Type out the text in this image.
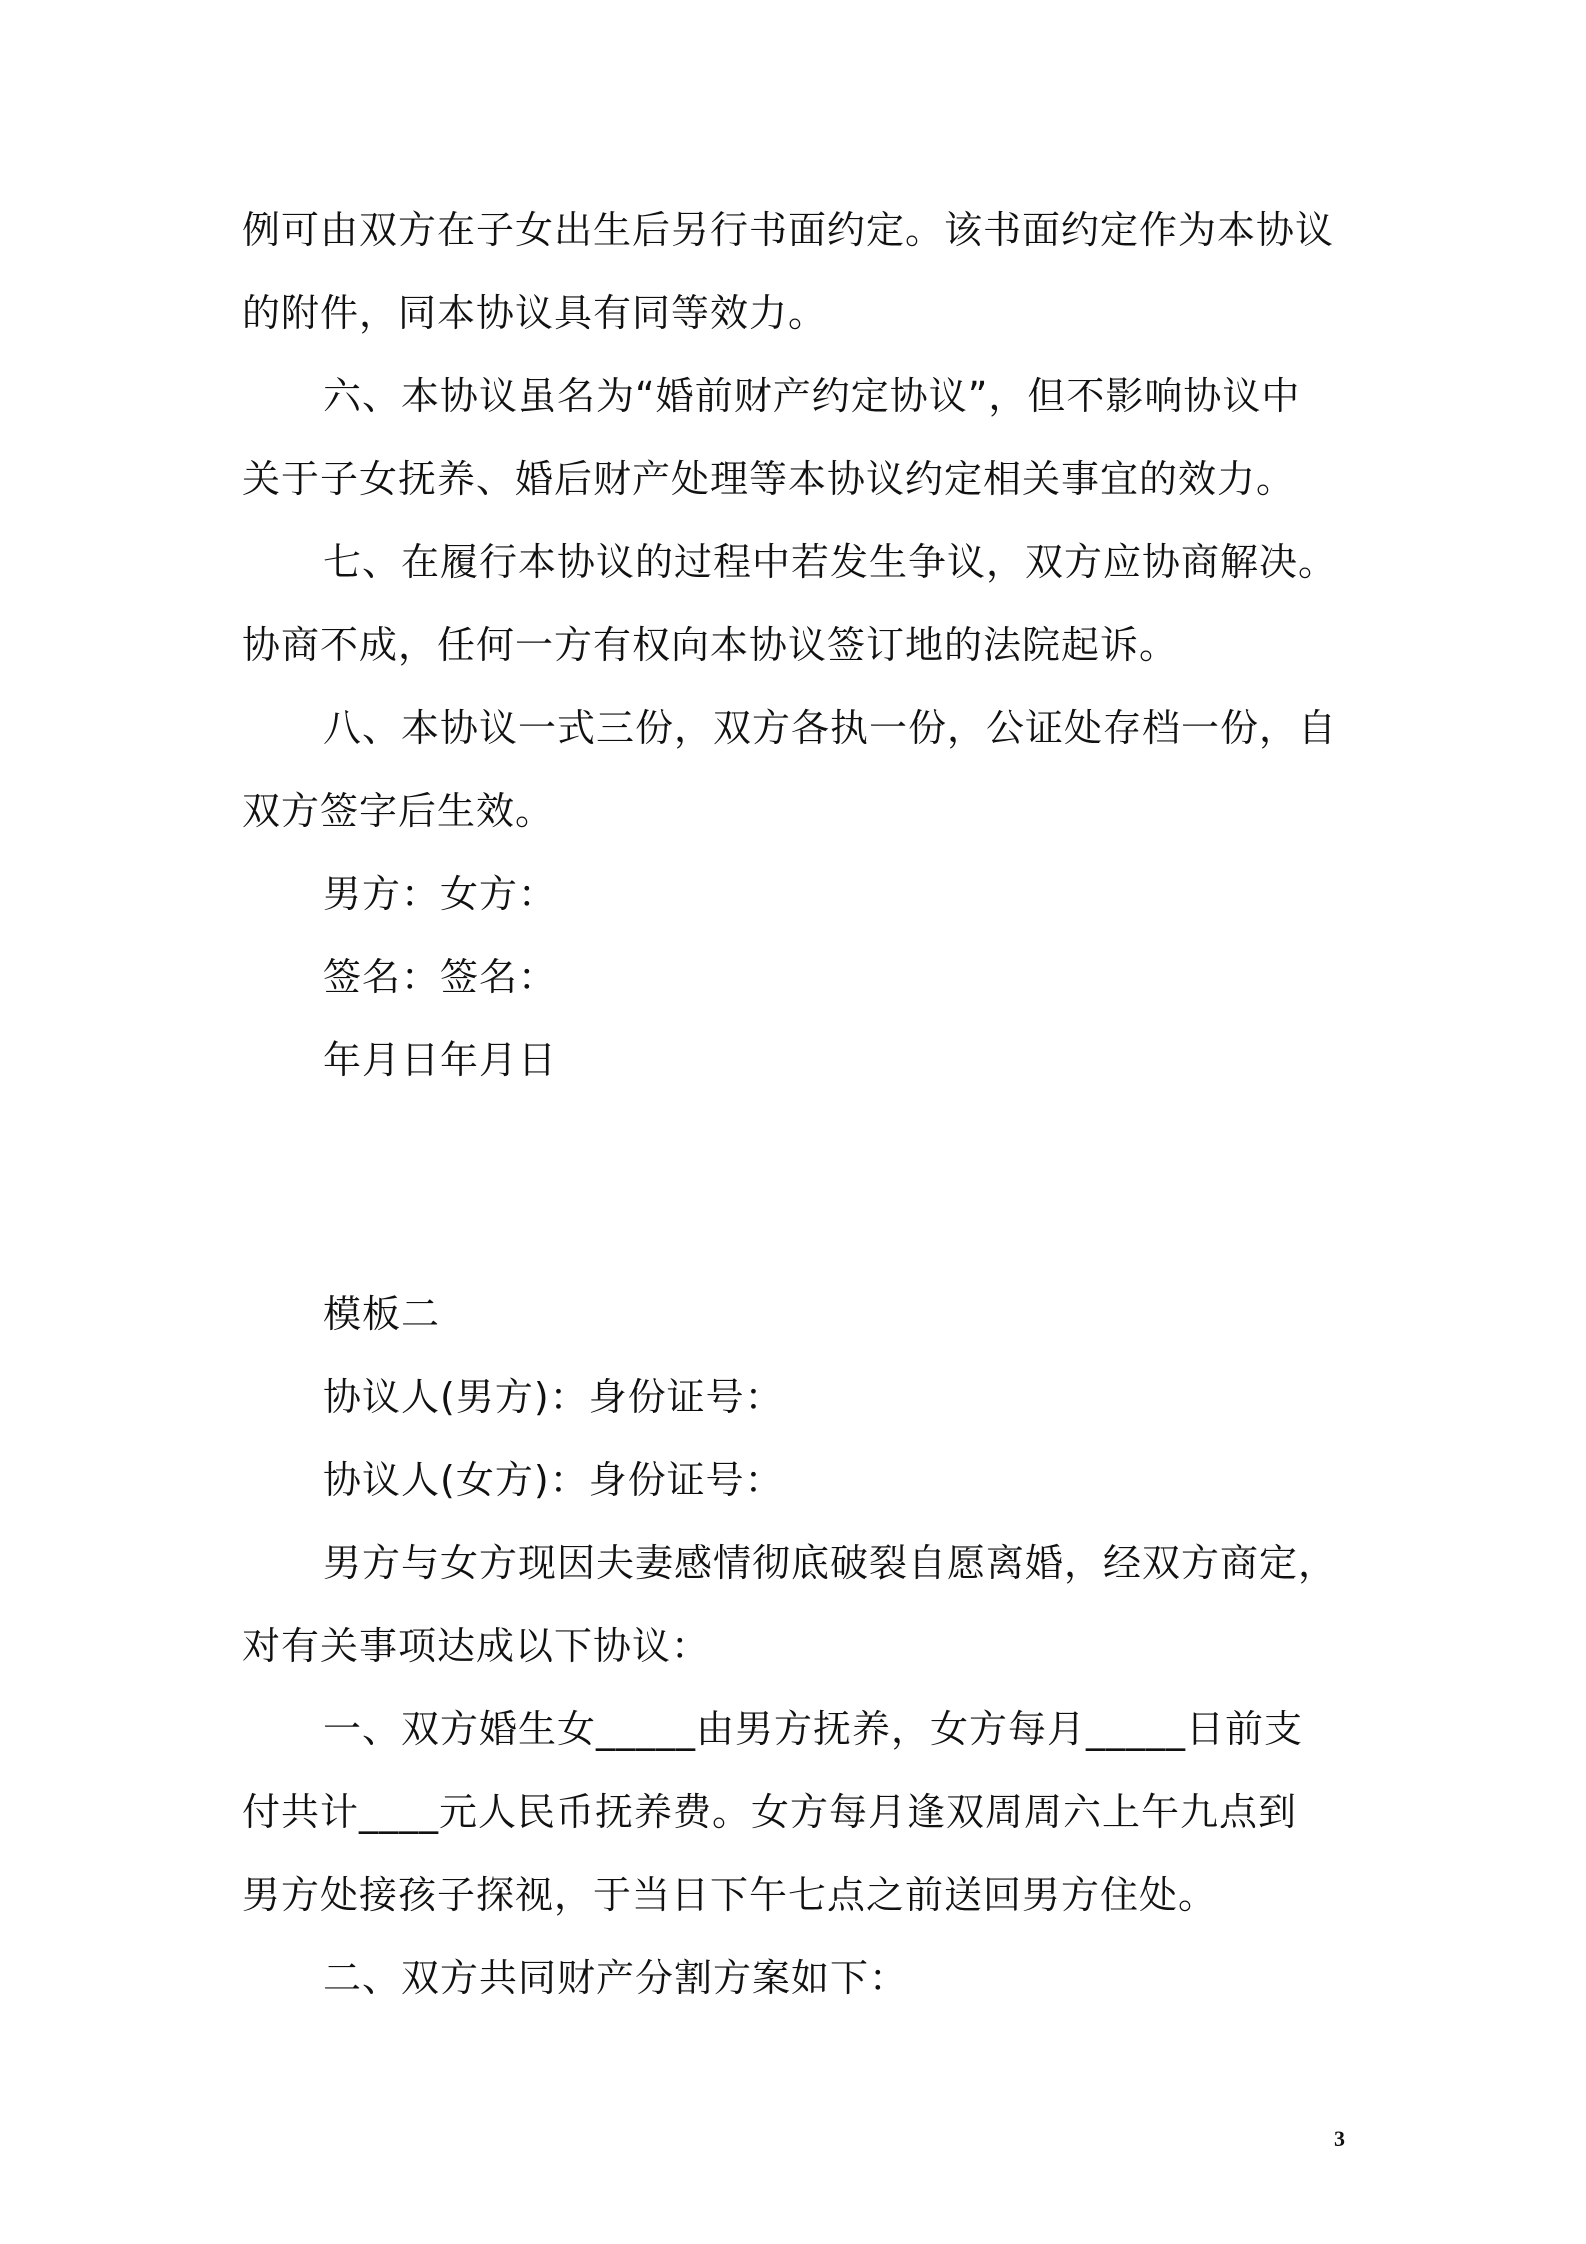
例可由双方在子女出生后另行书面约定。该书面约定作为本协议
的附件，同本协议具有同等效力。
六、本协议虽名为“婚前财产约定协议”，但不影响协议中
关于子女抚养、婚后财产处理等本协议约定相关事宜的效力。
七、在履行本协议的过程中若发生争议，双方应协商解决。
协商不成，任何一方有权向本协议签订地的法院起诉。
八、本协议一式三份，双方各执一份，公证处存档一份，自
双方签字后生效。
男方：女方：
签名：签名：
年月日年月日
模板二
协议人(男方)：身份证号：
协议人(女方)：身份证号：
男方与女方现因夫妻感情彻底破裂自愿离婚，经双方商定，
对有关事项达成以下协议：
一、双方婚生女_____由男方抚养，女方每月_____日前支
付共计____元人民币抚养费。女方每月逢双周周六上午九点到
男方处接孩子探视，于当日下午七点之前送回男方住处。
二、双方共同财产分割方案如下：
3
